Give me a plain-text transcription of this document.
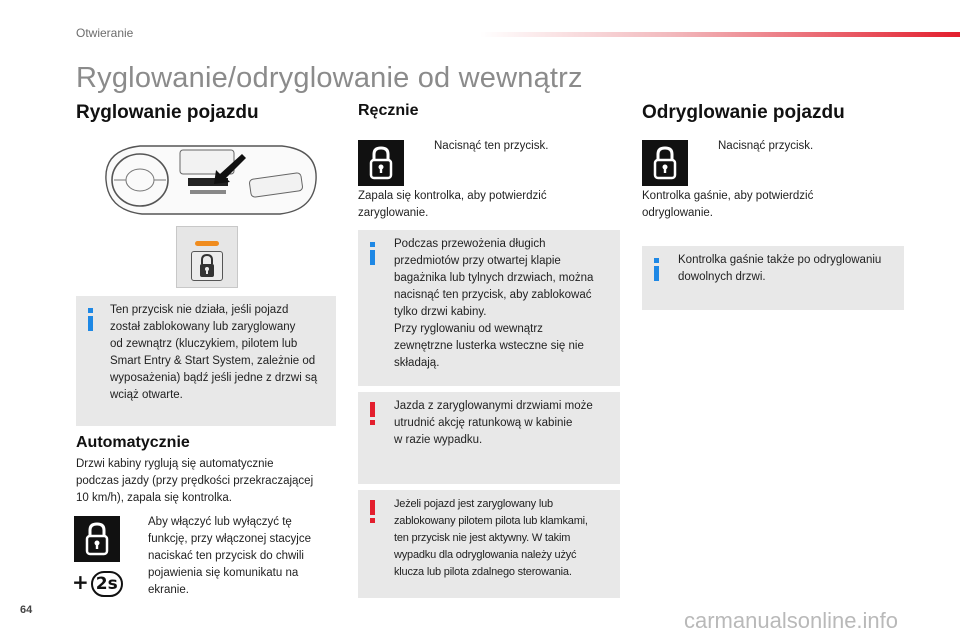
Otwieranie
Ryglowanie/odryglowanie od wewnątrz
Ryglowanie pojazdu
Ten przycisk nie działa, jeśli pojazd
został zablokowany lub zaryglowany
od zewnątrz (kluczykiem, pilotem lub
Smart Entry & Start System, zależnie od
wyposażenia) bądź jeśli jedne z drzwi są
wciąż otwarte.
Automatycznie
Drzwi kabiny ryglują się automatycznie
podczas jazdy (przy prędkości przekraczającej
10 km/h), zapala się kontrolka.
Aby włączyć lub wyłączyć tę
funkcję, przy włączonej stacyjce
naciskać ten przycisk do chwili
pojawienia się komunikatu na
ekranie.
+ 2s
Ręcznie
Nacisnąć ten przycisk.
Zapala się kontrolka, aby potwierdzić
zaryglowanie.
Podczas przewożenia długich
przedmiotów przy otwartej klapie
bagażnika lub tylnych drzwiach, można
nacisnąć ten przycisk, aby zablokować
tylko drzwi kabiny.
Przy ryglowaniu od wewnątrz
zewnętrzne lusterka wsteczne się nie
składają.
Jazda z zaryglowanymi drzwiami może
utrudnić akcję ratunkową w kabinie
w razie wypadku.
Jeżeli pojazd jest zaryglowany lub
zablokowany pilotem pilota lub klamkami,
ten przycisk nie jest aktywny. W takim
wypadku dla odryglowania należy użyć
klucza lub pilota zdalnego sterowania.
Odryglowanie pojazdu
Nacisnąć przycisk.
Kontrolka gaśnie, aby potwierdzić
odryglowanie.
Kontrolka gaśnie także po odryglowaniu
dowolnych drzwi.
64	carmanualsonline.info
